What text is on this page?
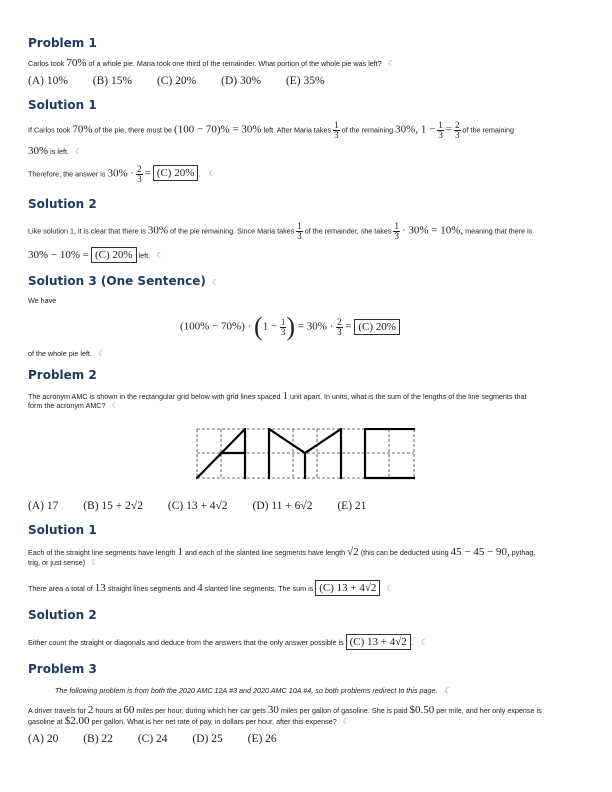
Problem 1

Carlos took 70% of a whole pie. Maria took one third of the remainder. What portion of the whole pie was left? ☾

(A) 10% (B) 15% (C) 20% (D) 30% (E) 35%
Solution 1

If Carlos took 70% of the pie, there must be (100 − 70)% = 30% left. After Maria takes $\frac{1}{3}$ of the remaining 30%, $1 - \frac{1}{3} = \frac{2}{3}$ of the remaining

30% is left. ☾

Therefore, the answer is $30\% \cdot \frac{2}{3} = (C)$ 20% . ☾

Solution 2

Like solution 1, it is clear that there is 30% of the pie remaining. Since Maria takes $\frac{1}{3}$ of the remainder, she takes $\frac{1}{3} \cdot 30\% = 10\%$, meaning that there is

30% − 10% = (C) 20% left. ☾

Solution 3 (One Sentence) ☾

We have

$(100\% - 70\%) \cdot (1 - \frac{1}{3}$ ) = $30\% \cdot \frac{2}{3} = (C)$ 20%

of the whole pie left. ☾

Problem 2

The acronym AMC is shown in the rectangular grid below with grid lines spaced 1 unit apart. In units, what is the sum of the lengths of the line segments that

form the acronym AMC? ☾

(A) 17 (B) 15 + 2√2 (C) 13 + 4√2 (D) 11 + 6√2 (E) 21
Solution 1

Each of the straight line segments have length 1 and each of the slanted line segments have length √2 (this can be deducted using 45 − 45 − 90, pythag,

trig, or just sense) ☾

There area a total of 13 straight lines segments and 4 slanted line segments. The sum is (C) 13 + 4√2 ☾

Solution 2

Either count the straight or diagonals and deduce from the answers that the only answer possible is (C) 13 + 4√2 . ☾

Problem 3

The following problem is from both the 2020 AMC 12A #3 and 2020 AMC 10A #4, so both problems redirect to this page. ☾

A driver travels for 2 hours at 60 miles per hour, during which her car gets 30 miles per gallon of gasoline. She is paid $0.50 per mile, and her only expense is

gasoline at $2.00 per gallon. What is her net rate of pay, in dollars per hour, after this expense? ☾

(A) 20 (B) 22 (C) 24 (D) 25 (E) 26
